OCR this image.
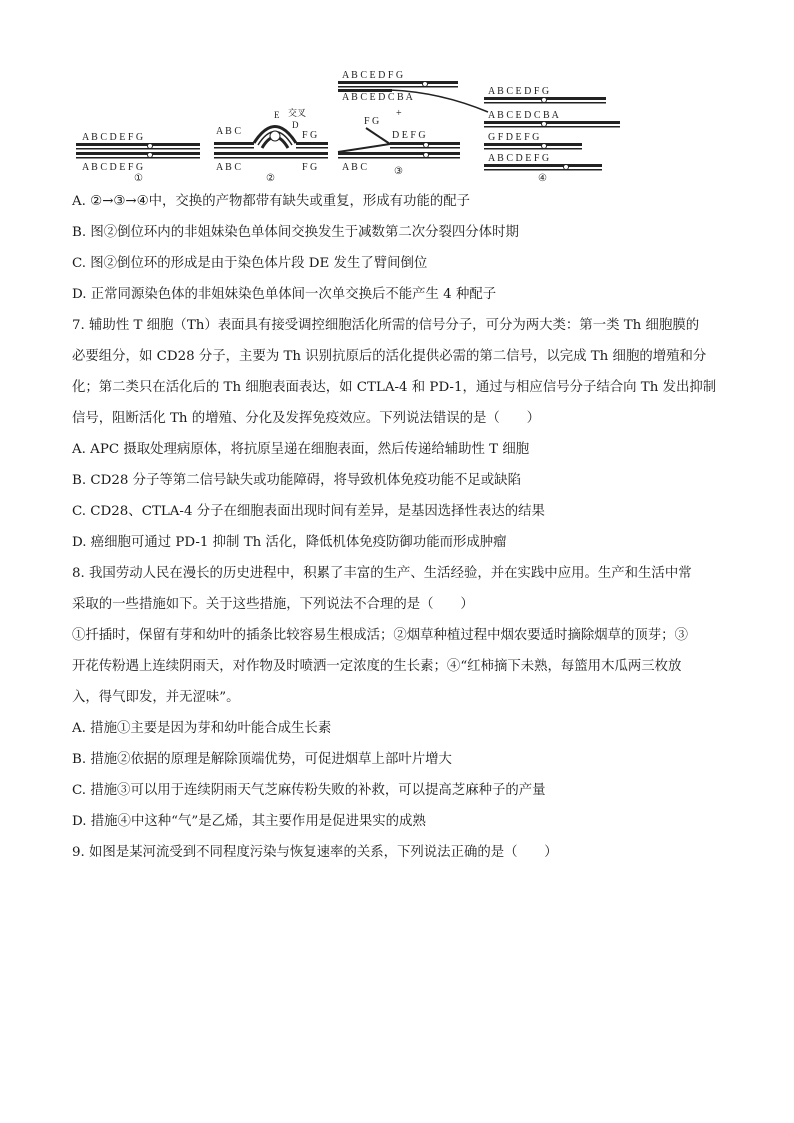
A B C D E F G
A B C D E F G
①
A B C	F G
E 交叉
D
A B C	F G
②
A B C E D F G
A B C E D C B A
F G
+
D E F G
A B C	③
A B C E D F G
A B C E D C B A
G F D E F G
A B C D E F G
④

A. ②→③→④中，交换的产物都带有缺失或重复，形成有功能的配子

B. 图②倒位环内的非姐妹染色单体间交换发生于减数第二次分裂四分体时期

C. 图②倒位环的形成是由于染色体片段 DE 发生了臂间倒位

D. 正常同源染色体的非姐妹染色单体间一次单交换后不能产生 4 种配子

7. 辅助性 T 细胞（Th）表面具有接受调控细胞活化所需的信号分子，可分为两大类：第一类 Th 细胞膜的

必要组分，如 CD28 分子，主要为 Th 识别抗原后的活化提供必需的第二信号，以完成 Th 细胞的增殖和分

化；第二类只在活化后的 Th 细胞表面表达，如 CTLA-4 和 PD-1，通过与相应信号分子结合向 Th 发出抑制

信号，阻断活化 Th 的增殖、分化及发挥免疫效应。下列说法错误的是（　　）

A. APC 摄取处理病原体，将抗原呈递在细胞表面，然后传递给辅助性 T 细胞

B. CD28 分子等第二信号缺失或功能障碍，将导致机体免疫功能不足或缺陷

C. CD28、CTLA-4 分子在细胞表面出现时间有差异，是基因选择性表达的结果

D. 癌细胞可通过 PD-1 抑制 Th 活化，降低机体免疫防御功能而形成肿瘤

8. 我国劳动人民在漫长的历史进程中，积累了丰富的生产、生活经验，并在实践中应用。生产和生活中常

采取的一些措施如下。关于这些措施，下列说法不合理的是（　　）

①扦插时，保留有芽和幼叶的插条比较容易生根成活；②烟草种植过程中烟农要适时摘除烟草的顶芽；③

开花传粉遇上连续阴雨天，对作物及时喷洒一定浓度的生长素；④“红柿摘下未熟，每篮用木瓜两三枚放

入，得气即发，并无涩味”。

A. 措施①主要是因为芽和幼叶能合成生长素

B. 措施②依据的原理是解除顶端优势，可促进烟草上部叶片增大

C. 措施③可以用于连续阴雨天气芝麻传粉失败的补救，可以提高芝麻种子的产量

D. 措施④中这种“气”是乙烯，其主要作用是促进果实的成熟

9. 如图是某河流受到不同程度污染与恢复速率的关系，下列说法正确的是（　　）
